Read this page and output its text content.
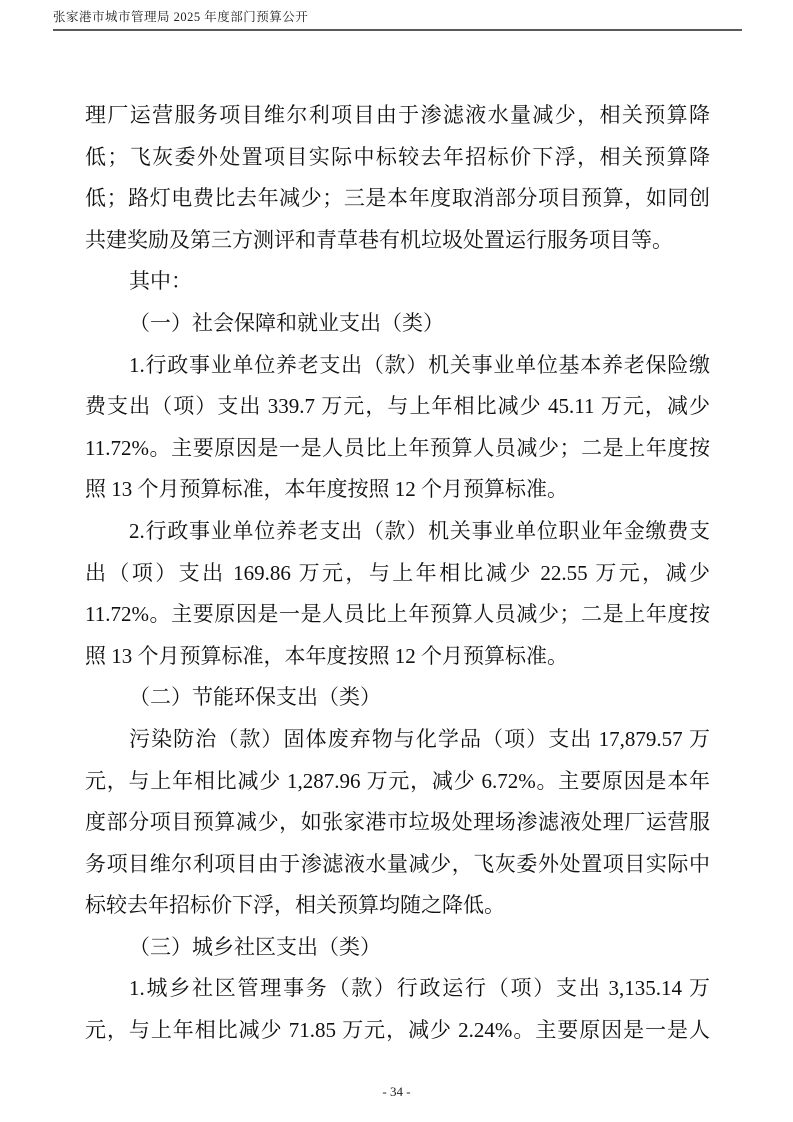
张家港市城市管理局 2025 年度部门预算公开
理厂运营服务项目维尔利项目由于渗滤液水量减少，相关预算降
低；飞灰委外处置项目实际中标较去年招标价下浮，相关预算降
低；路灯电费比去年减少；三是本年度取消部分项目预算，如同创
共建奖励及第三方测评和青草巷有机垃圾处置运行服务项目等。
其中：
（一）社会保障和就业支出（类）
1.行政事业单位养老支出（款）机关事业单位基本养老保险缴
费支出（项）支出 339.7 万元，与上年相比减少 45.11 万元，减少
11.72%。主要原因是一是人员比上年预算人员减少；二是上年度按
照 13 个月预算标准，本年度按照 12 个月预算标准。
2.行政事业单位养老支出（款）机关事业单位职业年金缴费支
出（项）支出 169.86 万元，与上年相比减少 22.55 万元，减少
11.72%。主要原因是一是人员比上年预算人员减少；二是上年度按
照 13 个月预算标准，本年度按照 12 个月预算标准。
（二）节能环保支出（类）
污染防治（款）固体废弃物与化学品（项）支出 17,879.57 万
元，与上年相比减少 1,287.96 万元，减少 6.72%。主要原因是本年
度部分项目预算减少，如张家港市垃圾处理场渗滤液处理厂运营服
务项目维尔利项目由于渗滤液水量减少，飞灰委外处置项目实际中
标较去年招标价下浮，相关预算均随之降低。
（三）城乡社区支出（类）
1.城乡社区管理事务（款）行政运行（项）支出 3,135.14 万
元，与上年相比减少 71.85 万元，减少 2.24%。主要原因是一是人
- 34 -
